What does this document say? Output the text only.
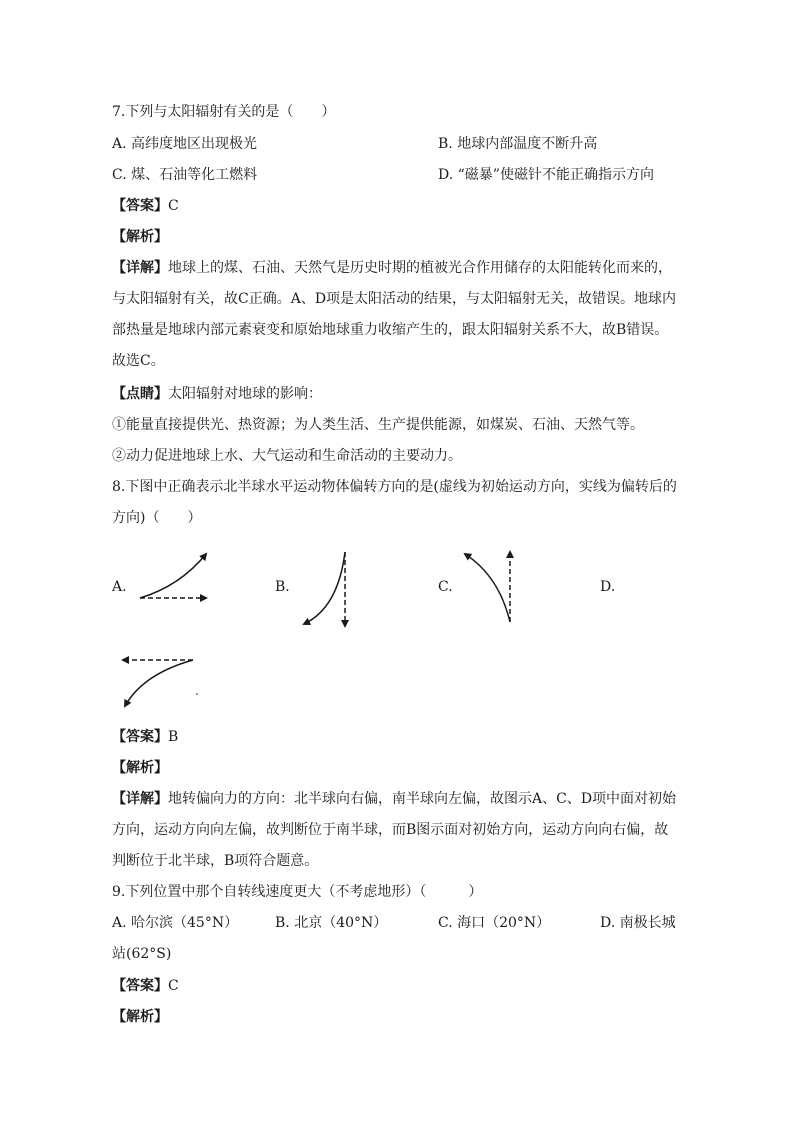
7.下列与太阳辐射有关的是（　　）
A. 高纬度地区出现极光	B. 地球内部温度不断升高
C. 煤、石油等化工燃料	D. “磁暴”使磁针不能正确指示方向
【答案】C
【解析】
【详解】地球上的煤、石油、天然气是历史时期的植被光合作用储存的太阳能转化而来的，
与太阳辐射有关，故C正确。A、D项是太阳活动的结果，与太阳辐射无关，故错误。地球内
部热量是地球内部元素衰变和原始地球重力收缩产生的，跟太阳辐射关系不大，故B错误。
故选C。
【点睛】太阳辐射对地球的影响：
①能量直接提供光、热资源；为人类生活、生产提供能源，如煤炭、石油、天然气等。
②动力促进地球上水、大气运动和生命活动的主要动力。
8.下图中正确表示北半球水平运动物体偏转方向的是(虚线为初始运动方向，实线为偏转后的
方向)（　　）
A.	B.	C.	D.
【答案】B
【解析】
【详解】地转偏向力的方向：北半球向右偏，南半球向左偏，故图示A、C、D项中面对初始
方向，运动方向向左偏，故判断位于南半球，而B图示面对初始方向，运动方向向右偏，故
判断位于北半球，B项符合题意。
9.下列位置中那个自转线速度更大（不考虑地形）（　　　）
A. 哈尔滨（45°N）	B. 北京（40°N）	C. 海口（20°N）	D. 南极长城
站(62°S)
【答案】C
【解析】
